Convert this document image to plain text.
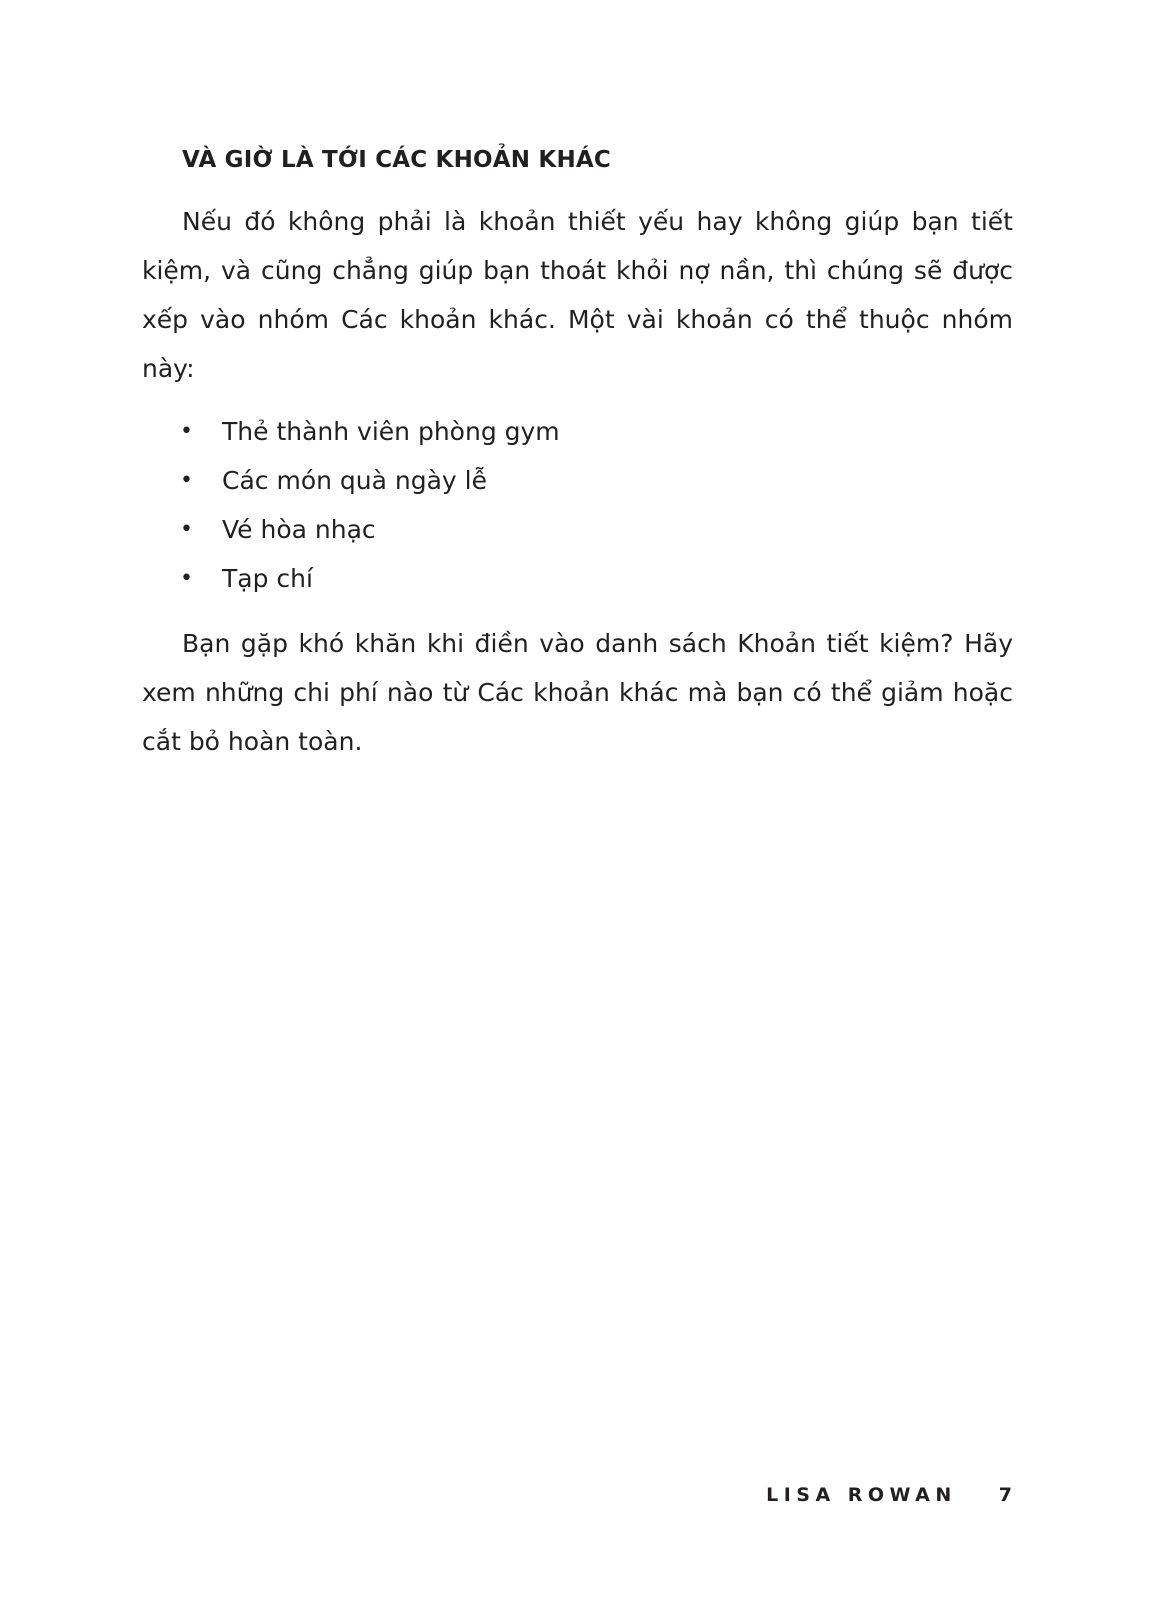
VÀ GIỜ LÀ TỚI CÁC KHOẢN KHÁC

Nếu đó không phải là khoản thiết yếu hay không giúp bạn tiết kiệm, và cũng chẳng giúp bạn thoát khỏi nợ nần, thì chúng sẽ được xếp vào nhóm Các khoản khác. Một vài khoản có thể thuộc nhóm này:

• Thẻ thành viên phòng gym
• Các món quà ngày lễ
• Vé hòa nhạc
• Tạp chí

Bạn gặp khó khăn khi điền vào danh sách Khoản tiết kiệm? Hãy xem những chi phí nào từ Các khoản khác mà bạn có thể giảm hoặc cắt bỏ hoàn toàn.

LISA ROWAN 7
